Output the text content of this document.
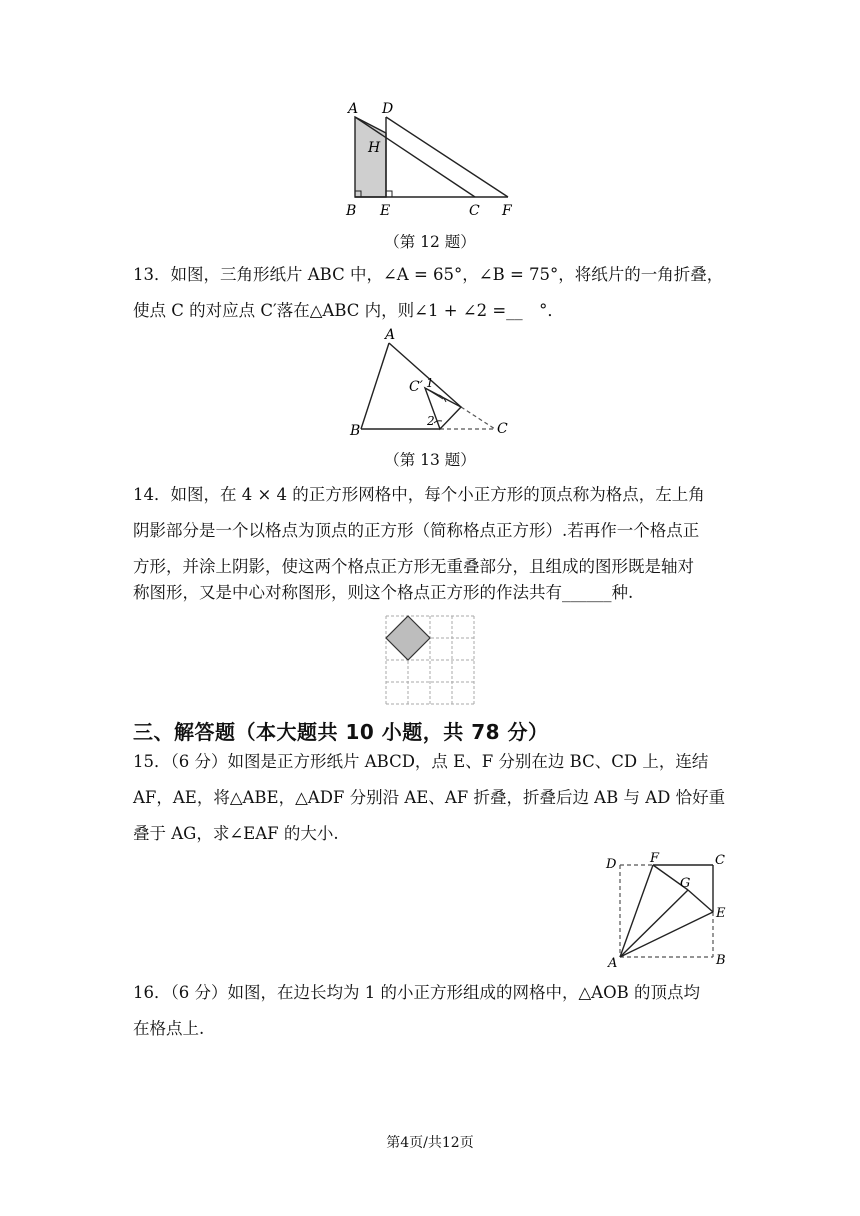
A D
H
B E	C F
（第 12 题）
13．如图，三角形纸片 ABC 中，∠A = 65°，∠B = 75°，将纸片的一角折叠，
使点 C 的对应点 C′落在△ABC 内，则∠1 + ∠2 =__　°．
A
B	C
C′ 1
2
（第 13 题）
14．如图，在 4 × 4 的正方形网格中，每个小正方形的顶点称为格点，左上角
阴影部分是一个以格点为顶点的正方形（简称格点正方形）.若再作一个格点正
方形，并涂上阴影，使这两个格点正方形无重叠部分，且组成的图形既是轴对
称图形，又是中心对称图形，则这个格点正方形的作法共有______种.
三、解答题（本大题共 10 小题，共 78 分）
15．（6 分）如图是正方形纸片 ABCD，点 E、F 分别在边 BC、CD 上，连结
AF，AE，将△ABE，△ADF 分别沿 AE、AF 折叠，折叠后边 AB 与 AD 恰好重
叠于 AG，求∠EAF 的大小.
D	F	C
G
E
A	B
16．（6 分）如图，在边长均为 1 的小正方形组成的网格中，△AOB 的顶点均
在格点上.
第4页/共12页
